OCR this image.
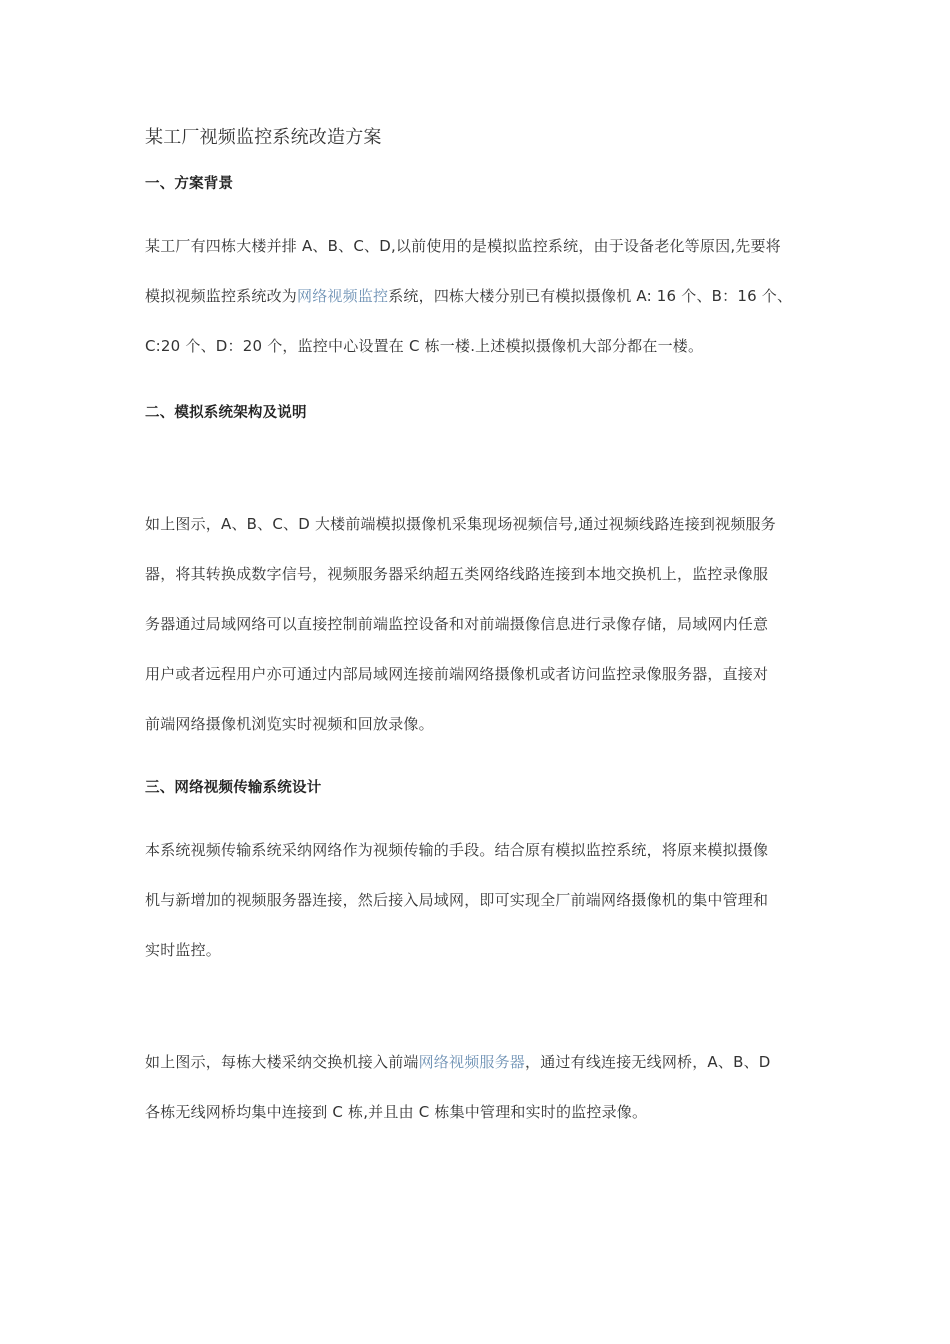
某工厂视频监控系统改造方案
一、方案背景
某工厂有四栋大楼并排 A、B、C、D,以前使用的是模拟监控系统，由于设备老化等原因,先要将
模拟视频监控系统改为网络视频监控系统，四栋大楼分别已有模拟摄像机 A: 16 个、B：16 个、
C:20 个、D：20 个，监控中心设置在 C 栋一楼.上述模拟摄像机大部分都在一楼。
二、模拟系统架构及说明
如上图示，A、B、C、D 大楼前端模拟摄像机采集现场视频信号,通过视频线路连接到视频服务
器，将其转换成数字信号，视频服务器采纳超五类网络线路连接到本地交换机上，监控录像服
务器通过局域网络可以直接控制前端监控设备和对前端摄像信息进行录像存储，局域网内任意
用户或者远程用户亦可通过内部局域网连接前端网络摄像机或者访问监控录像服务器，直接对
前端网络摄像机浏览实时视频和回放录像。
三、网络视频传输系统设计
本系统视频传输系统采纳网络作为视频传输的手段。结合原有模拟监控系统，将原来模拟摄像
机与新增加的视频服务器连接，然后接入局域网，即可实现全厂前端网络摄像机的集中管理和
实时监控。
如上图示，每栋大楼采纳交换机接入前端网络视频服务器，通过有线连接无线网桥，A、B、D
各栋无线网桥均集中连接到 C 栋,并且由 C 栋集中管理和实时的监控录像。
